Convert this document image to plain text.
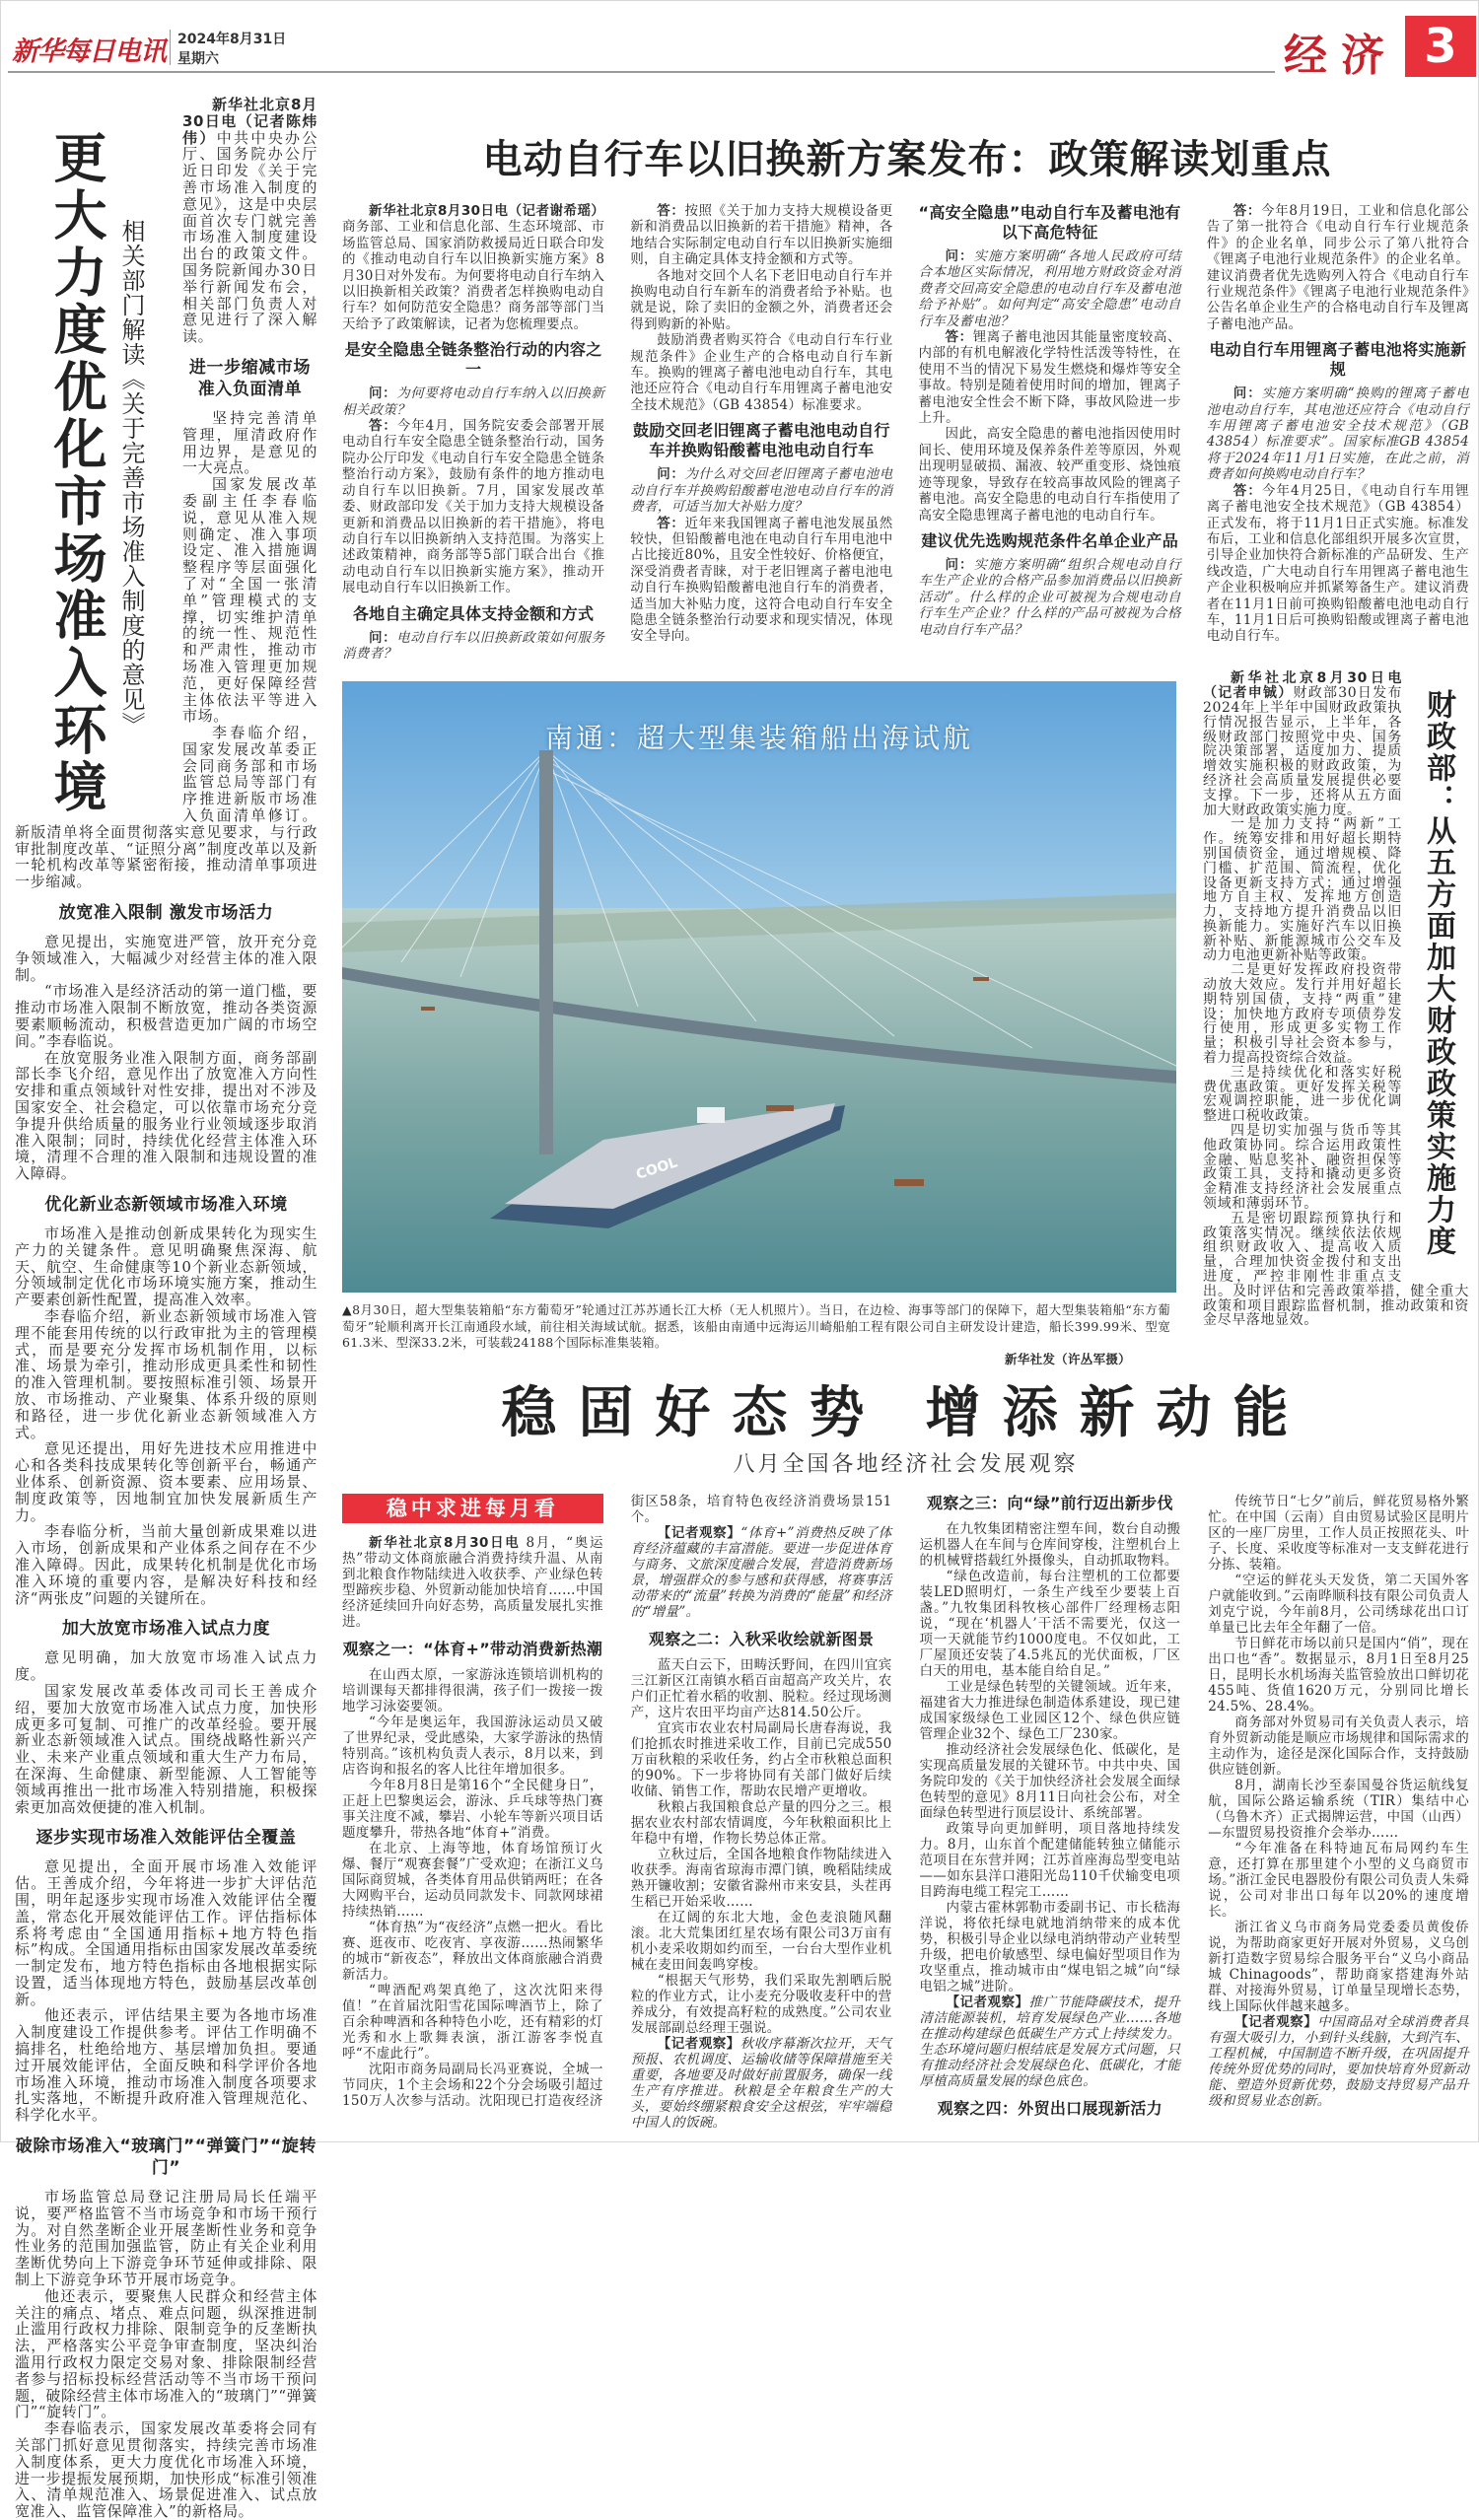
新华每日电讯 2024年8月31日
星期六	经济 3
更大力度优化市场准入环境 相关部门解读《关于完善市场准入制度的意见》

新华社北京8月30日电（记者陈炜伟）中共中央办公厅、国务院办公厅近日印发《关于完善市场准入制度的意见》，这是中央层面首次专门就完善市场准入制度建设出台的政策文件。国务院新闻办30日举行新闻发布会，相关部门负责人对意见进行了深入解读。

进一步缩减市场准入负面清单

坚持完善清单管理，厘清政府作用边界，是意见的一大亮点。

国家发展改革委副主任李春临说，意见从准入规则确定、准入事项设定、准入措施调整程序等层面强化了对“全国一张清单”管理模式的支撑，切实维护清单的统一性、规范性和严肃性，推动市场准入管理更加规范，更好保障经营主体依法平等进入市场。

李春临介绍，国家发展改革委正会同商务部和市场监管总局等部门有序推进新版市场准入负面清单修订。新版清单将全面贯彻落实意见要求，与行政审批制度改革、“证照分离”制度改革以及新一轮机构改革等紧密衔接，推动清单事项进一步缩减。

放宽准入限制 激发市场活力

意见提出，实施宽进严管，放开充分竞争领域准入，大幅减少对经营主体的准入限制。

“市场准入是经济活动的第一道门槛，要推动市场准入限制不断放宽，推动各类资源要素顺畅流动，积极营造更加广阔的市场空间。”李春临说。

在放宽服务业准入限制方面，商务部副部长李飞介绍，意见作出了放宽准入方向性安排和重点领域针对性安排，提出对不涉及国家安全、社会稳定，可以依靠市场充分竞争提升供给质量的服务业行业领域逐步取消准入限制；同时，持续优化经营主体准入环境，清理不合理的准入限制和违规设置的准入障碍。

优化新业态新领域市场准入环境

市场准入是推动创新成果转化为现实生产力的关键条件。意见明确聚焦深海、航天、航空、生命健康等10个新业态新领域，分领域制定优化市场环境实施方案，推动生产要素创新性配置，提高准入效率。

李春临介绍，新业态新领域市场准入管理不能套用传统的以行政审批为主的管理模式，而是要充分发挥市场机制作用，以标准、场景为牵引，推动形成更具柔性和韧性的准入管理机制。要按照标准引领、场景开放、市场推动、产业聚集、体系升级的原则和路径，进一步优化新业态新领域准入方式。

意见还提出，用好先进技术应用推进中心和各类科技成果转化等创新平台，畅通产业体系、创新资源、资本要素、应用场景、制度政策等，因地制宜加快发展新质生产力。

李春临分析，当前大量创新成果难以进入市场，创新成果和产业体系之间存在不少准入障碍。因此，成果转化机制是优化市场准入环境的重要内容，是解决好科技和经济“两张皮”问题的关键所在。

加大放宽市场准入试点力度

意见明确，加大放宽市场准入试点力度。

国家发展改革委体改司司长王善成介绍，要加大放宽市场准入试点力度，加快形成更多可复制、可推广的改革经验。要开展新业态新领域准入试点。围绕战略性新兴产业、未来产业重点领域和重大生产力布局，在深海、生命健康、新型能源、人工智能等领域再推出一批市场准入特别措施，积极探索更加高效便捷的准入机制。

逐步实现市场准入效能评估全覆盖

意见提出，全面开展市场准入效能评估。王善成介绍，今年将进一步扩大评估范围，明年起逐步实现市场准入效能评估全覆盖，常态化开展效能评估工作。评估指标体系将考虑由“全国通用指标+地方特色指标”构成。全国通用指标由国家发展改革委统一制定发布，地方特色指标由各地根据实际设置，适当体现地方特色，鼓励基层改革创新。

他还表示，评估结果主要为各地市场准入制度建设工作提供参考。评估工作明确不搞排名，杜绝给地方、基层增加负担。要通过开展效能评估，全面反映和科学评价各地市场准入环境，推动市场准入制度各项要求扎实落地，不断提升政府准入管理规范化、科学化水平。

破除市场准入“玻璃门”“弹簧门”“旋转门”

市场监管总局登记注册局局长任端平说，要严格监管不当市场竞争和市场干预行为。对自然垄断企业开展垄断性业务和竞争性业务的范围加强监管，防止有关企业利用垄断优势向上下游竞争环节延伸或排除、限制上下游竞争环节开展市场竞争。

他还表示，要聚焦人民群众和经营主体关注的痛点、堵点、难点问题，纵深推进制止滥用行政权力排除、限制竞争的反垄断执法，严格落实公平竞争审查制度，坚决纠治滥用行政权力限定交易对象、排除限制经营者参与招标投标经营活动等不当市场干预问题，破除经营主体市场准入的“玻璃门”“弹簧门”“旋转门”。

李春临表示，国家发展改革委将会同有关部门抓好意见贯彻落实，持续完善市场准入制度体系，更大力度优化市场准入环境，进一步提振发展预期，加快形成“标准引领准入、清单规范准入、场景促进准入、试点放宽准入、监管保障准入”的新格局。

电动自行车以旧换新方案发布：政策解读划重点

新华社北京8月30日电（记者谢希瑶）商务部、工业和信息化部、生态环境部、市场监管总局、国家消防救援局近日联合印发的《推动电动自行车以旧换新实施方案》8月30日对外发布。为何要将电动自行车纳入以旧换新相关政策？消费者怎样换购电动自行车？如何防范安全隐患？商务部等部门当天给予了政策解读，记者为您梳理要点。

是安全隐患全链条整治行动的内容之一

问：为何要将电动自行车纳入以旧换新相关政策？

答：今年4月，国务院安委会部署开展电动自行车安全隐患全链条整治行动，国务院办公厅印发《电动自行车安全隐患全链条整治行动方案》，鼓励有条件的地方推动电动自行车以旧换新。7月，国家发展改革委、财政部印发《关于加力支持大规模设备更新和消费品以旧换新的若干措施》，将电动自行车以旧换新纳入支持范围。为落实上述政策精神，商务部等5部门联合出台《推动电动自行车以旧换新实施方案》，推动开展电动自行车以旧换新工作。

各地自主确定具体支持金额和方式

问：电动自行车以旧换新政策如何服务消费者？

答：按照《关于加力支持大规模设备更新和消费品以旧换新的若干措施》精神，各地结合实际制定电动自行车以旧换新实施细则，自主确定具体支持金额和方式等。

各地对交回个人名下老旧电动自行车并换购电动自行车新车的消费者给予补贴。也就是说，除了卖旧的金额之外，消费者还会得到购新的补贴。

鼓励消费者购买符合《电动自行车行业规范条件》企业生产的合格电动自行车新车。换购的锂离子蓄电池电动自行车，其电池还应符合《电动自行车用锂离子蓄电池安全技术规范》（GB 43854）标准要求。

鼓励交回老旧锂离子蓄电池电动自行车并换购铅酸蓄电池电动自行车

问：为什么对交回老旧锂离子蓄电池电动自行车并换购铅酸蓄电池电动自行车的消费者，可适当加大补贴力度？

答：近年来我国锂离子蓄电池发展虽然较快，但铅酸蓄电池在电动自行车用电池中占比接近80%，且安全性较好、价格便宜，深受消费者青睐，对于老旧锂离子蓄电池电动自行车换购铅酸蓄电池自行车的消费者，适当加大补贴力度，这符合电动自行车安全隐患全链条整治行动要求和现实情况，体现安全导向。

“高安全隐患”电动自行车及蓄电池有以下高危特征

问：实施方案明确“各地人民政府可结合本地区实际情况，利用地方财政资金对消费者交回高安全隐患的电动自行车及蓄电池给予补贴”。如何判定“高安全隐患”电动自行车及蓄电池？

答：锂离子蓄电池因其能量密度较高、内部的有机电解液化学特性活泼等特性，在使用不当的情况下易发生燃烧和爆炸等安全事故。特别是随着使用时间的增加，锂离子蓄电池安全性会不断下降，事故风险进一步上升。

因此，高安全隐患的蓄电池指因使用时间长、使用环境及保养条件差等原因，外观出现明显破损、漏液、较严重变形、烧蚀痕迹等现象，导致存在较高事故风险的锂离子蓄电池。高安全隐患的电动自行车指使用了高安全隐患锂离子蓄电池的电动自行车。

建议优先选购规范条件名单企业产品

问：实施方案明确“组织合规电动自行车生产企业的合格产品参加消费品以旧换新活动”。什么样的企业可被视为合规电动自行车生产企业？什么样的产品可被视为合格电动自行车产品？

答：今年8月19日，工业和信息化部公告了第一批符合《电动自行车行业规范条件》的企业名单，同步公示了第八批符合《锂离子电池行业规范条件》的企业名单。建议消费者优先选购列入符合《电动自行车行业规范条件》《锂离子电池行业规范条件》公告名单企业生产的合格电动自行车及锂离子蓄电池产品。

电动自行车用锂离子蓄电池将实施新规

问：实施方案明确“换购的锂离子蓄电池电动自行车，其电池还应符合《电动自行车用锂离子蓄电池安全技术规范》（GB 43854）标准要求”。国家标准GB 43854将于2024年11月1日实施，在此之前，消费者如何换购电动自行车？

答：今年4月25日，《电动自行车用锂离子蓄电池安全技术规范》（GB 43854）正式发布，将于11月1日正式实施。标准发布后，工业和信息化部组织开展多次宣贯，引导企业加快符合新标准的产品研发、生产线改造，广大电动自行车用锂离子蓄电池生产企业积极响应并抓紧筹备生产。建议消费者在11月1日前可换购铅酸蓄电池电动自行车，11月1日后可换购铅酸或锂离子蓄电池电动自行车。

COOL
南通：超大型集装箱船出海试航
▲8月30日，超大型集装箱船“东方葡萄牙”轮通过江苏苏通长江大桥（无人机照片）。当日，在边检、海事等部门的保障下，超大型集装箱船“东方葡萄牙”轮顺利离开长江南通段水域，前往相关海域试航。据悉，该船由南通中远海运川崎船舶工程有限公司自主研发设计建造，船长399.99米、型宽61.3米、型深33.2米，可装载24188个国际标准集装箱。
新华社发（许丛军摄）
财政部：从五方面加大财政政策实施力度

新华社北京8月30日电（记者申铖）财政部30日发布2024年上半年中国财政政策执行情况报告显示，上半年，各级财政部门按照党中央、国务院决策部署，适度加力、提质增效实施积极的财政政策，为经济社会高质量发展提供必要支撑。下一步，还将从五方面加大财政政策实施力度。

一是加力支持“两新”工作。统筹安排和用好超长期特别国债资金，通过增规模、降门槛、扩范围、简流程，优化设备更新支持方式；通过增强地方自主权、发挥地方创造力，支持地方提升消费品以旧换新能力。实施好汽车以旧换新补贴、新能源城市公交车及动力电池更新补贴等政策。

二是更好发挥政府投资带动放大效应。发行并用好超长期特别国债，支持“两重”建设；加快地方政府专项债券发行使用，形成更多实物工作量；积极引导社会资本参与，着力提高投资综合效益。

三是持续优化和落实好税费优惠政策。更好发挥关税等宏观调控职能，进一步优化调整进口税收政策。

四是切实加强与货币等其他政策协同。综合运用政策性金融、贴息奖补、融资担保等政策工具，支持和撬动更多资金精准支持经济社会发展重点领域和薄弱环节。

五是密切跟踪预算执行和政策落实情况。继续依法依规组织财政收入、提高收入质量，合理加快资金拨付和支出进度，严控非刚性非重点支出。及时评估和完善政策举措，健全重大政策和项目跟踪监督机制，推动政策和资金尽早落地显效。

稳固好态势 增添新动能
八月全国各地经济社会发展观察
稳中求进每月看

新华社北京8月30日电 8月，“奥运热”带动文体商旅融合消费持续升温、从南到北粮食作物陆续进入收获季、产业绿色转型蹄疾步稳、外贸新动能加快培育……中国经济延续回升向好态势，高质量发展扎实推进。

观察之一：“体育+”带动消费新热潮

在山西太原，一家游泳连锁培训机构的培训课每天都排得很满，孩子们一拨接一拨地学习泳姿要领。

“今年是奥运年，我国游泳运动员又破了世界纪录，受此感染，大家学游泳的热情特别高。”该机构负责人表示，8月以来，到店咨询和报名的客人比往年增加很多。

今年8月8日是第16个“全民健身日”，正赶上巴黎奥运会，游泳、乒乓球等热门赛事关注度不减，攀岩、小轮车等新兴项目话题度攀升，带热各地“体育+”消费。

在北京、上海等地，体育场馆预订火爆、餐厅“观赛套餐”广受欢迎；在浙江义乌国际商贸城，各类体育用品供销两旺；在各大网购平台，运动员同款发卡、同款网球裙持续热销……

“体育热”为“夜经济”点燃一把火。看比赛、逛夜市、吃夜宵、享夜游……热闹繁华的城市“新夜态”，释放出文体商旅融合消费新活力。

“啤酒配鸡架真绝了，这次沈阳来得值！”在首届沈阳雪花国际啤酒节上，除了百余种啤酒和各种特色小吃，还有精彩的灯光秀和水上歌舞表演，浙江游客李悦直呼“不虚此行”。

沈阳市商务局副局长冯亚赛说，全城一节同庆，1个主会场和22个分会场吸引超过150万人次参与活动。沈阳现已打造夜经济街区58条，培育特色夜经济消费场景151个。

【记者观察】“体育+”消费热反映了体育经济蕴藏的丰富潜能。要进一步促进体育与商务、文旅深度融合发展，营造消费新场景，增强群众的参与感和获得感，将赛事活动带来的“流量”转换为消费的“能量”和经济的“增量”。

观察之二：入秋采收绘就新图景

蓝天白云下，田畴沃野间，在四川宜宾三江新区江南镇水稻百亩超高产攻关片，农户们正忙着水稻的收割、脱粒。经过现场测产，这片农田平均亩产达814.50公斤。

宜宾市农业农村局副局长唐春海说，我们抢抓农时推进采收工作，目前已完成550万亩秋粮的采收任务，约占全市秋粮总面积的90%。下一步将协同有关部门做好后续收储、销售工作，帮助农民增产更增收。

秋粮占我国粮食总产量的四分之三。根据农业农村部农情调度，今年秋粮面积比上年稳中有增，作物长势总体正常。

立秋过后，全国各地粮食作物陆续进入收获季。海南省琼海市潭门镇，晚稻陆续成熟开镰收割；安徽省滁州市来安县，头茬再生稻已开始采收……

在辽阔的东北大地，金色麦浪随风翻滚。北大荒集团红星农场有限公司3万亩有机小麦采收期如约而至，一台台大型作业机械在麦田间轰鸣穿梭。

“根据天气形势，我们采取先割晒后脱粒的作业方式，让小麦充分吸收麦秆中的营养成分，有效提高籽粒的成熟度。”公司农业发展部副总经理王强说。

【记者观察】秋收序幕渐次拉开，天气预报、农机调度、运输收储等保障措施至关重要，各地要及时做好前置服务，确保一线生产有序推进。秋粮是全年粮食生产的大头，要始终绷紧粮食安全这根弦，牢牢端稳中国人的饭碗。

观察之三：向“绿”前行迈出新步伐

在九牧集团精密注塑车间，数台自动搬运机器人在车间与仓库间穿梭，注塑机台上的机械臂搭载红外摄像头，自动抓取物料。

“绿色改造前，每台注塑机的工位都要装LED照明灯，一条生产线至少要装上百盏。”九牧集团科牧核心部件厂经理杨志阳说，“现在‘机器人’干活不需要光，仅这一项一天就能节约1000度电。不仅如此，工厂屋顶还安装了4.5兆瓦的光伏面板，厂区白天的用电，基本能自给自足。”

工业是绿色转型的关键领域。近年来，福建省大力推进绿色制造体系建设，现已建成国家级绿色工业园区12个、绿色供应链管理企业32个、绿色工厂230家。

推动经济社会发展绿色化、低碳化，是实现高质量发展的关键环节。中共中央、国务院印发的《关于加快经济社会发展全面绿色转型的意见》8月11日向社会公布，对全面绿色转型进行顶层设计、系统部署。

政策导向更加鲜明，项目落地持续发力。8月，山东首个配建储能转独立储能示范项目在东营并网；江苏首座海岛型变电站——如东县洋口港阳光岛110千伏输变电项目跨海电缆工程完工……

内蒙古霍林郭勒市委副书记、市长嵇海洋说，将依托绿电就地消纳带来的成本优势，积极引导企业以绿电消纳带动产业转型升级，把电价敏感型、绿电偏好型项目作为攻坚重点，推动城市由“煤电铝之城”向“绿电铝之城”进阶。

【记者观察】推广节能降碳技术，提升清洁能源装机，培育发展绿色产业……各地在推动构建绿色低碳生产方式上持续发力。生态环境问题归根结底是发展方式问题，只有推动经济社会发展绿色化、低碳化，才能厚植高质量发展的绿色底色。

观察之四：外贸出口展现新活力

传统节日“七夕”前后，鲜花贸易格外繁忙。在中国（云南）自由贸易试验区昆明片区的一座厂房里，工作人员正按照花头、叶子、长度、采收度等标准对一支支鲜花进行分拣、装箱。

“空运的鲜花头天发货，第二天国外客户就能收到。”云南晔顺科技有限公司负责人刘克宁说，今年前8月，公司绣球花出口订单量已比去年全年翻了一倍。

节日鲜花市场以前只是国内“俏”，现在出口也“香”。数据显示，8月1日至8月25日，昆明长水机场海关监管验放出口鲜切花455吨、货值1620万元，分别同比增长24.5%、28.4%。

商务部对外贸易司有关负责人表示，培育外贸新动能是顺应市场规律和国际需求的主动作为，途径是深化国际合作，支持鼓励供应链创新。

8月，湖南长沙至泰国曼谷货运航线复航，国际公路运输系统（TIR）集结中心（乌鲁木齐）正式揭牌运营，中国（山西）—东盟贸易投资推介会举办……

“今年准备在科特迪瓦布局网约车生意，还打算在那里建个小型的义乌商贸市场。”浙江金民电器股份有限公司负责人朱舜说，公司对非出口每年以20%的速度增长。

浙江省义乌市商务局党委委员黄俊侨说，为帮助商家更好开展对外贸易，义乌创新打造数字贸易综合服务平台“义乌小商品城 Chinagoods”，帮助商家搭建海外站群、对接海外贸易，订单量呈现增长态势，线上国际伙伴越来越多。

【记者观察】中国商品对全球消费者具有强大吸引力，小到针头线脑，大到汽车、工程机械，中国制造不断升级，在巩固提升传统外贸优势的同时，要加快培育外贸新动能、塑造外贸新优势，鼓励支持贸易产品升级和贸易业态创新。
